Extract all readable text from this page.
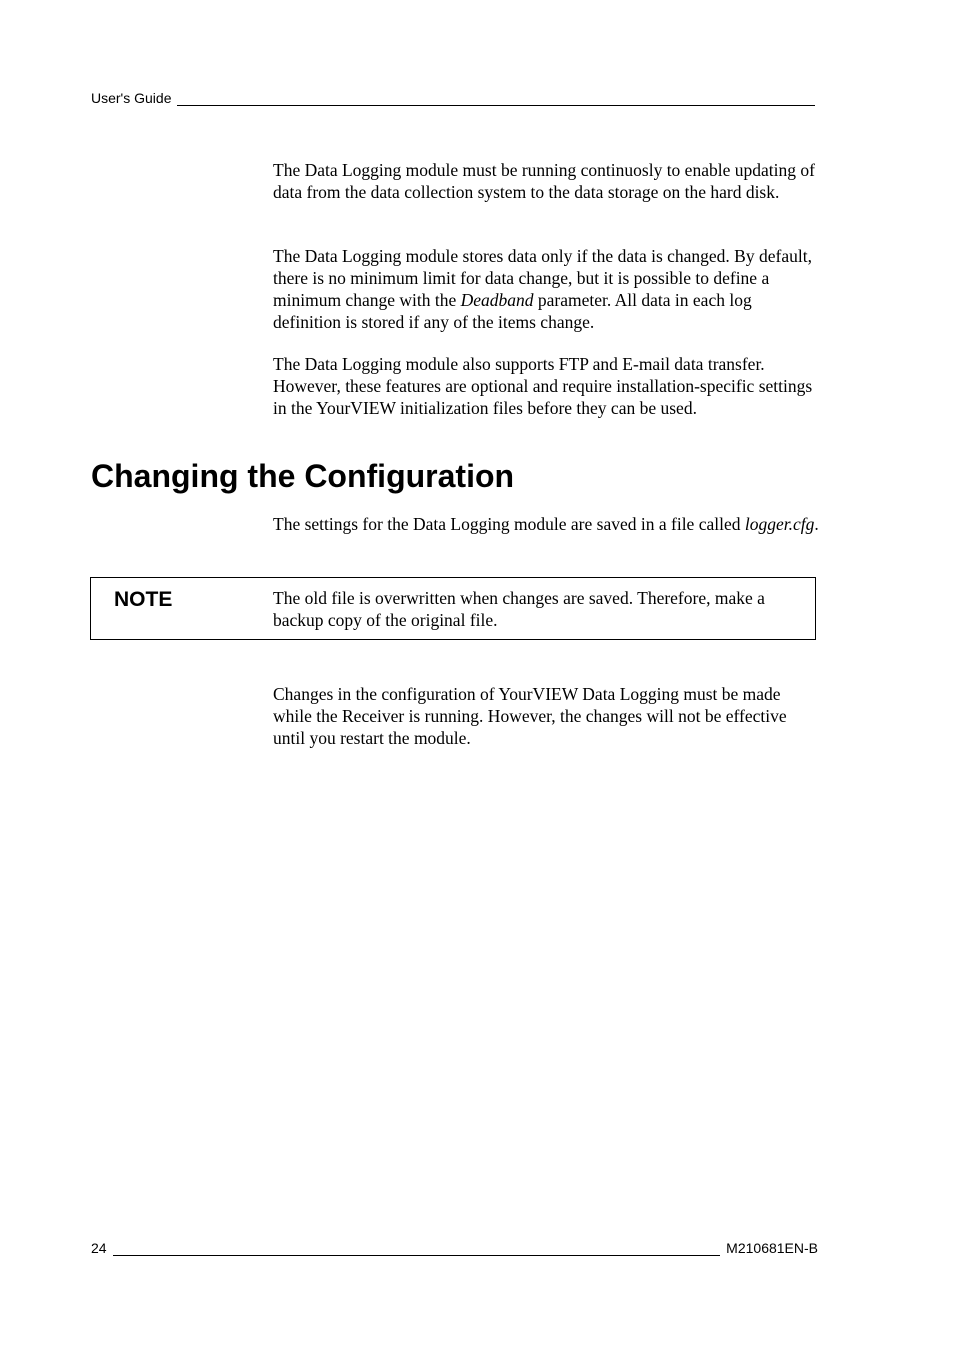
User's Guide

The Data Logging module must be running continuosly to enable updating of data from the data collection system to the data storage on the hard disk.

The Data Logging module stores data only if the data is changed. By default, there is no minimum limit for data change, but it is possible to define a minimum change with the Deadband parameter. All data in each log definition is stored if any of the items change.

The Data Logging module also supports FTP and E-mail data transfer. However, these features are optional and require installation-specific settings in the YourVIEW initialization files before they can be used.

Changing the Configuration

The settings for the Data Logging module are saved in a file called logger.cfg.

NOTE	The old file is overwritten when changes are saved. Therefore, make a backup copy of the original file.

Changes in the configuration of YourVIEW Data Logging must be made while the Receiver is running. However, the changes will not be effective until you restart the module.

24	M210681EN-B
